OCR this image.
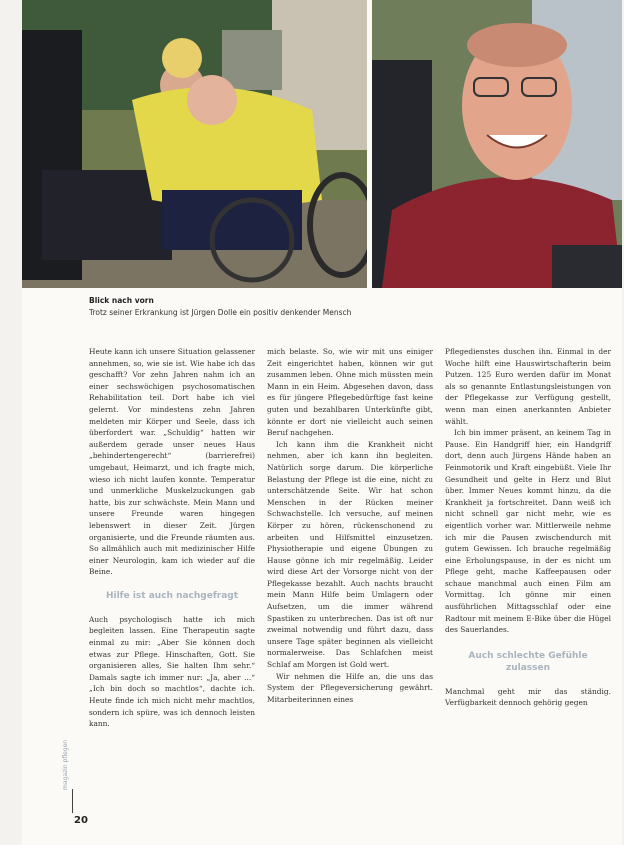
Blick nach vorn
Trotz seiner Erkrankung ist Jürgen Dolle ein positiv denkender Mensch

Heute kann ich unsere Situation gelassener annehmen, so, wie sie ist. Wie habe ich das geschafft? Vor zehn Jahren nahm ich an einer sechswöchigen psychosomatischen Rehabilitation teil. Dort habe ich viel gelernt. Vor mindestens zehn Jahren meldeten mir Körper und Seele, dass ich überfordert war. „Schuldig“ hatten wir außerdem gerade unser neues Haus „behindertengerecht“ (barrierefrei) umgebaut, Heimarzt, und ich fragte mich, wieso ich nicht laufen konnte. Temperatur und unmerkliche Muskelzuckungen gab hatte, bis zur schwächste. Mein Mann und unsere Freunde waren hingegen lebenswert in dieser Zeit. Jürgen organisierte, und die Freunde räumten aus. So allmählich auch mit medizinischer Hilfe einer Neurologin, kam ich wieder auf die Beine.

Hilfe ist auch nachgefragt

Auch psychologisch hatte ich mich begleiten lassen. Eine Therapeutin sagte einmal zu mir: „Aber Sie können doch etwas zur Pflege. Hinschaften, Gott. Sie organisieren alles, Sie halten Ihm sehr.“ Damals sagte ich immer nur: „Ja, aber ...“ „Ich bin doch so machtlos“, dachte ich. Heute finde ich mich nicht mehr machtlos, sondern ich spüre, was ich dennoch leisten kann.

mich belaste. So, wie wir mit uns einiger Zeit eingerichtet haben, können wir gut zusammen leben. Ohne mich müssten mein Mann in ein Heim. Abgesehen davon, dass es für jüngere Pflegebedürftige fast keine guten und bezahlbaren Unterkünfte gibt, könnte er dort nie vielleicht auch seinen Beruf nachgehen.

Ich kann ihm die Krankheit nicht nehmen, aber ich kann ihn begleiten. Natürlich sorge darum. Die körperliche Belastung der Pflege ist die eine, nicht zu unterschätzende Seite. Wir hat schon Menschen in der Rücken meiner Schwachstelle. Ich versuche, auf meinen Körper zu hören, rückenschonend zu arbeiten und Hilfsmittel einzusetzen. Physiotherapie und eigene Übungen zu Hause gönne ich mir regelmäßig. Leider wird diese Art der Vorsorge nicht von der Pflegekasse bezahlt. Auch nachts braucht mein Mann Hilfe beim Umlagern oder Aufsetzen, um die immer während Spastiken zu unterbrechen. Das ist oft nur zweimal notwendig und führt dazu, dass unsere Tage später beginnen als vielleicht normalerweise. Das Schlafchen meist Schlaf am Morgen ist Gold wert.

Wir nehmen die Hilfe an, die uns das System der Pflegeversicherung gewährt. Mitarbeiterinnen eines

Pflegedienstes duschen ihn. Einmal in der Woche hilft eine Hauswirtschafterin beim Putzen. 125 Euro werden dafür im Monat als so genannte Entlastungsleistungen von der Pflegekasse zur Verfügung gestellt, wenn man einen anerkannten Anbieter wählt.

Ich bin immer präsent, an keinem Tag in Pause. Ein Handgriff hier, ein Handgriff dort, denn auch Jürgens Hände haben an Feinmotorik und Kraft eingebüßt. Viele Ihr Gesundheit und gelte in Herz und Blut über. Immer Neues kommt hinzu, da die Krankheit ja fortschreitet. Dann weiß ich nicht schnell gar nicht mehr, wie es eigentlich vorher war. Mittlerweile nehme ich mir die Pausen zwischendurch mit gutem Gewissen. Ich brauche regelmäßig eine Erholungspause, in der es nicht um Pflege geht, mache Kaffeepausen oder schaue manchmal auch einen Film am Vormittag. Ich gönne mir einen ausführlichen Mittagsschlaf oder eine Radtour mit meinem E-Bike über die Hügel des Sauerlandes.

Auch schlechte Gefühle zulassen

Manchmal geht mir das ständig. Verfügbarkeit dennoch gehörig gegen

magazin pflegen
20
